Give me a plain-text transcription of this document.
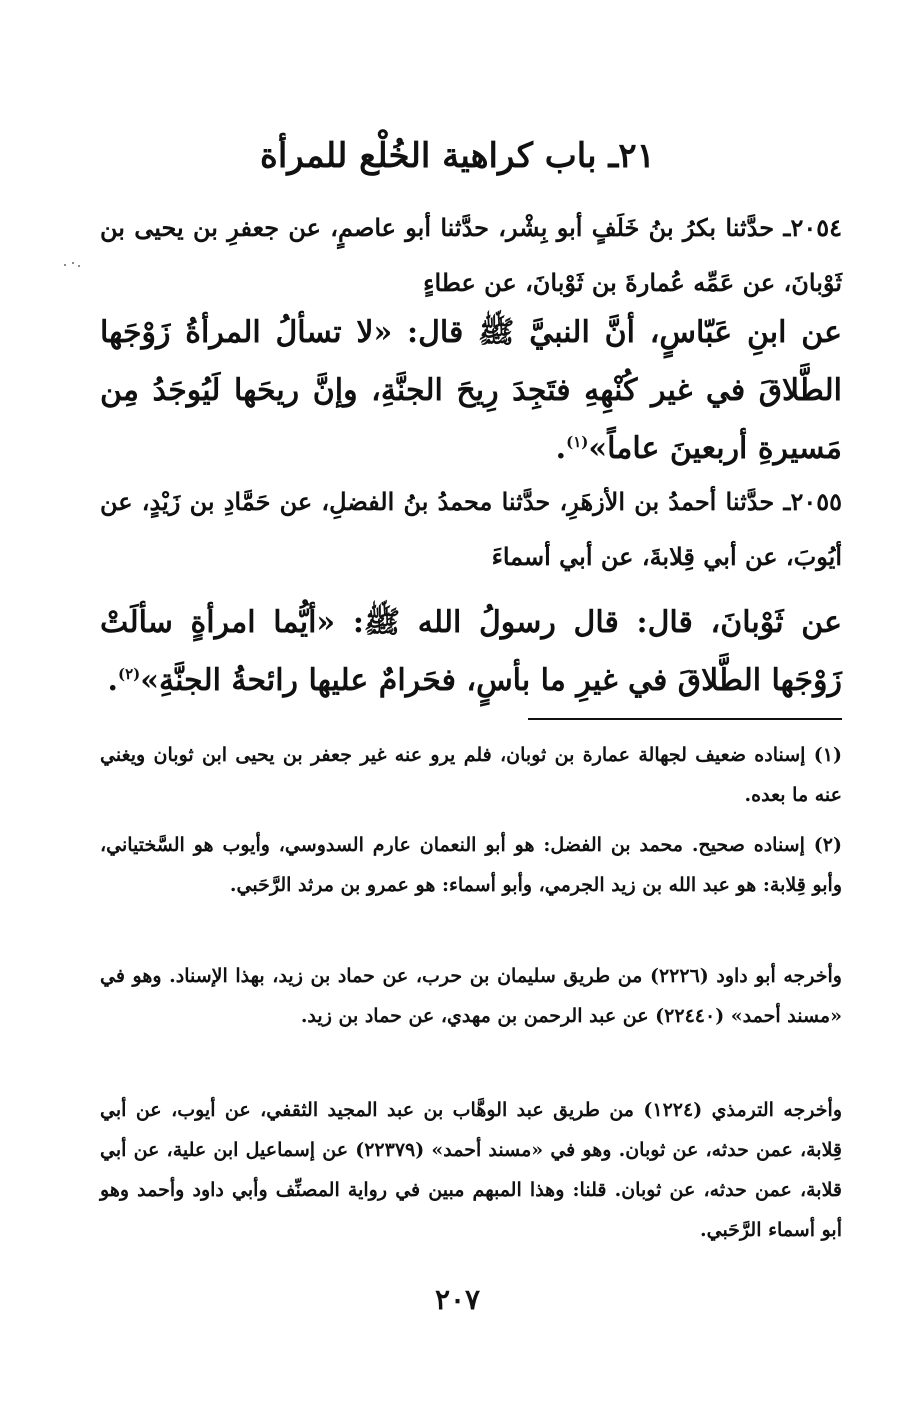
٢١ـ باب كراهية الخُلْع للمرأة

٢٠٥٤ـ حدَّثنا بكرُ بنُ خَلَفٍ أبو بِشْر، حدَّثنا أبو عاصمٍ، عن جعفرِ بن يحيى بن ثَوْبانَ، عن عَمِّه عُمارةَ بن ثَوْبانَ، عن عطاءٍ

عن ابنِ عَبّاسٍ، أنَّ النبيَّ ﷺ قال: «لا تسألُ المرأةُ زَوْجَها الطَّلاقَ في غير كُنْهِهِ فتَجِدَ رِيحَ الجنَّةِ، وإنَّ ريحَها لَيُوجَدُ مِن مَسيرةِ أربعينَ عاماً»$^{(١)}$.

٢٠٥٥ـ حدَّثنا أحمدُ بن الأزهَرِ، حدَّثنا محمدُ بنُ الفضلِ، عن حَمَّادِ بن زَيْدٍ، عن أيُوبَ، عن أبي قِلابةَ، عن أبي أسماءَ

عن ثَوْبانَ، قال: قال رسولُ الله ﷺ: «أيُّما امرأةٍ سألَتْ زَوْجَها الطَّلاقَ في غيرِ ما بأسٍ، فحَرامٌ عليها رائحةُ الجنَّةِ»$^{(٢)}$.

(١) إسناده ضعيف لجهالة عمارة بن ثوبان، فلم يرو عنه غير جعفر بن يحيى ابن ثوبان ويغني عنه ما بعده.

(٢) إسناده صحيح. محمد بن الفضل: هو أبو النعمان عارم السدوسي، وأيوب هو السَّختياني، وأبو قِلابة: هو عبد الله بن زيد الجرمي، وأبو أسماء: هو عمرو بن مرثد الرَّحَبي.

وأخرجه أبو داود (٢٢٢٦) من طريق سليمان بن حرب، عن حماد بن زيد، بهذا الإسناد. وهو في «مسند أحمد» (٢٢٤٤٠) عن عبد الرحمن بن مهدي، عن حماد بن زيد.

وأخرجه الترمذي (١٢٢٤) من طريق عبد الوهَّاب بن عبد المجيد الثقفي، عن أيوب، عن أبي قِلابة، عمن حدثه، عن ثوبان. وهو في «مسند أحمد» (٢٢٣٧٩) عن إسماعيل ابن علية، عن أبي قلابة، عمن حدثه، عن ثوبان. قلنا: وهذا المبهم مبين في رواية المصنِّف وأبي داود وأحمد وهو أبو أسماء الرَّحَبي.

٢٠٧
